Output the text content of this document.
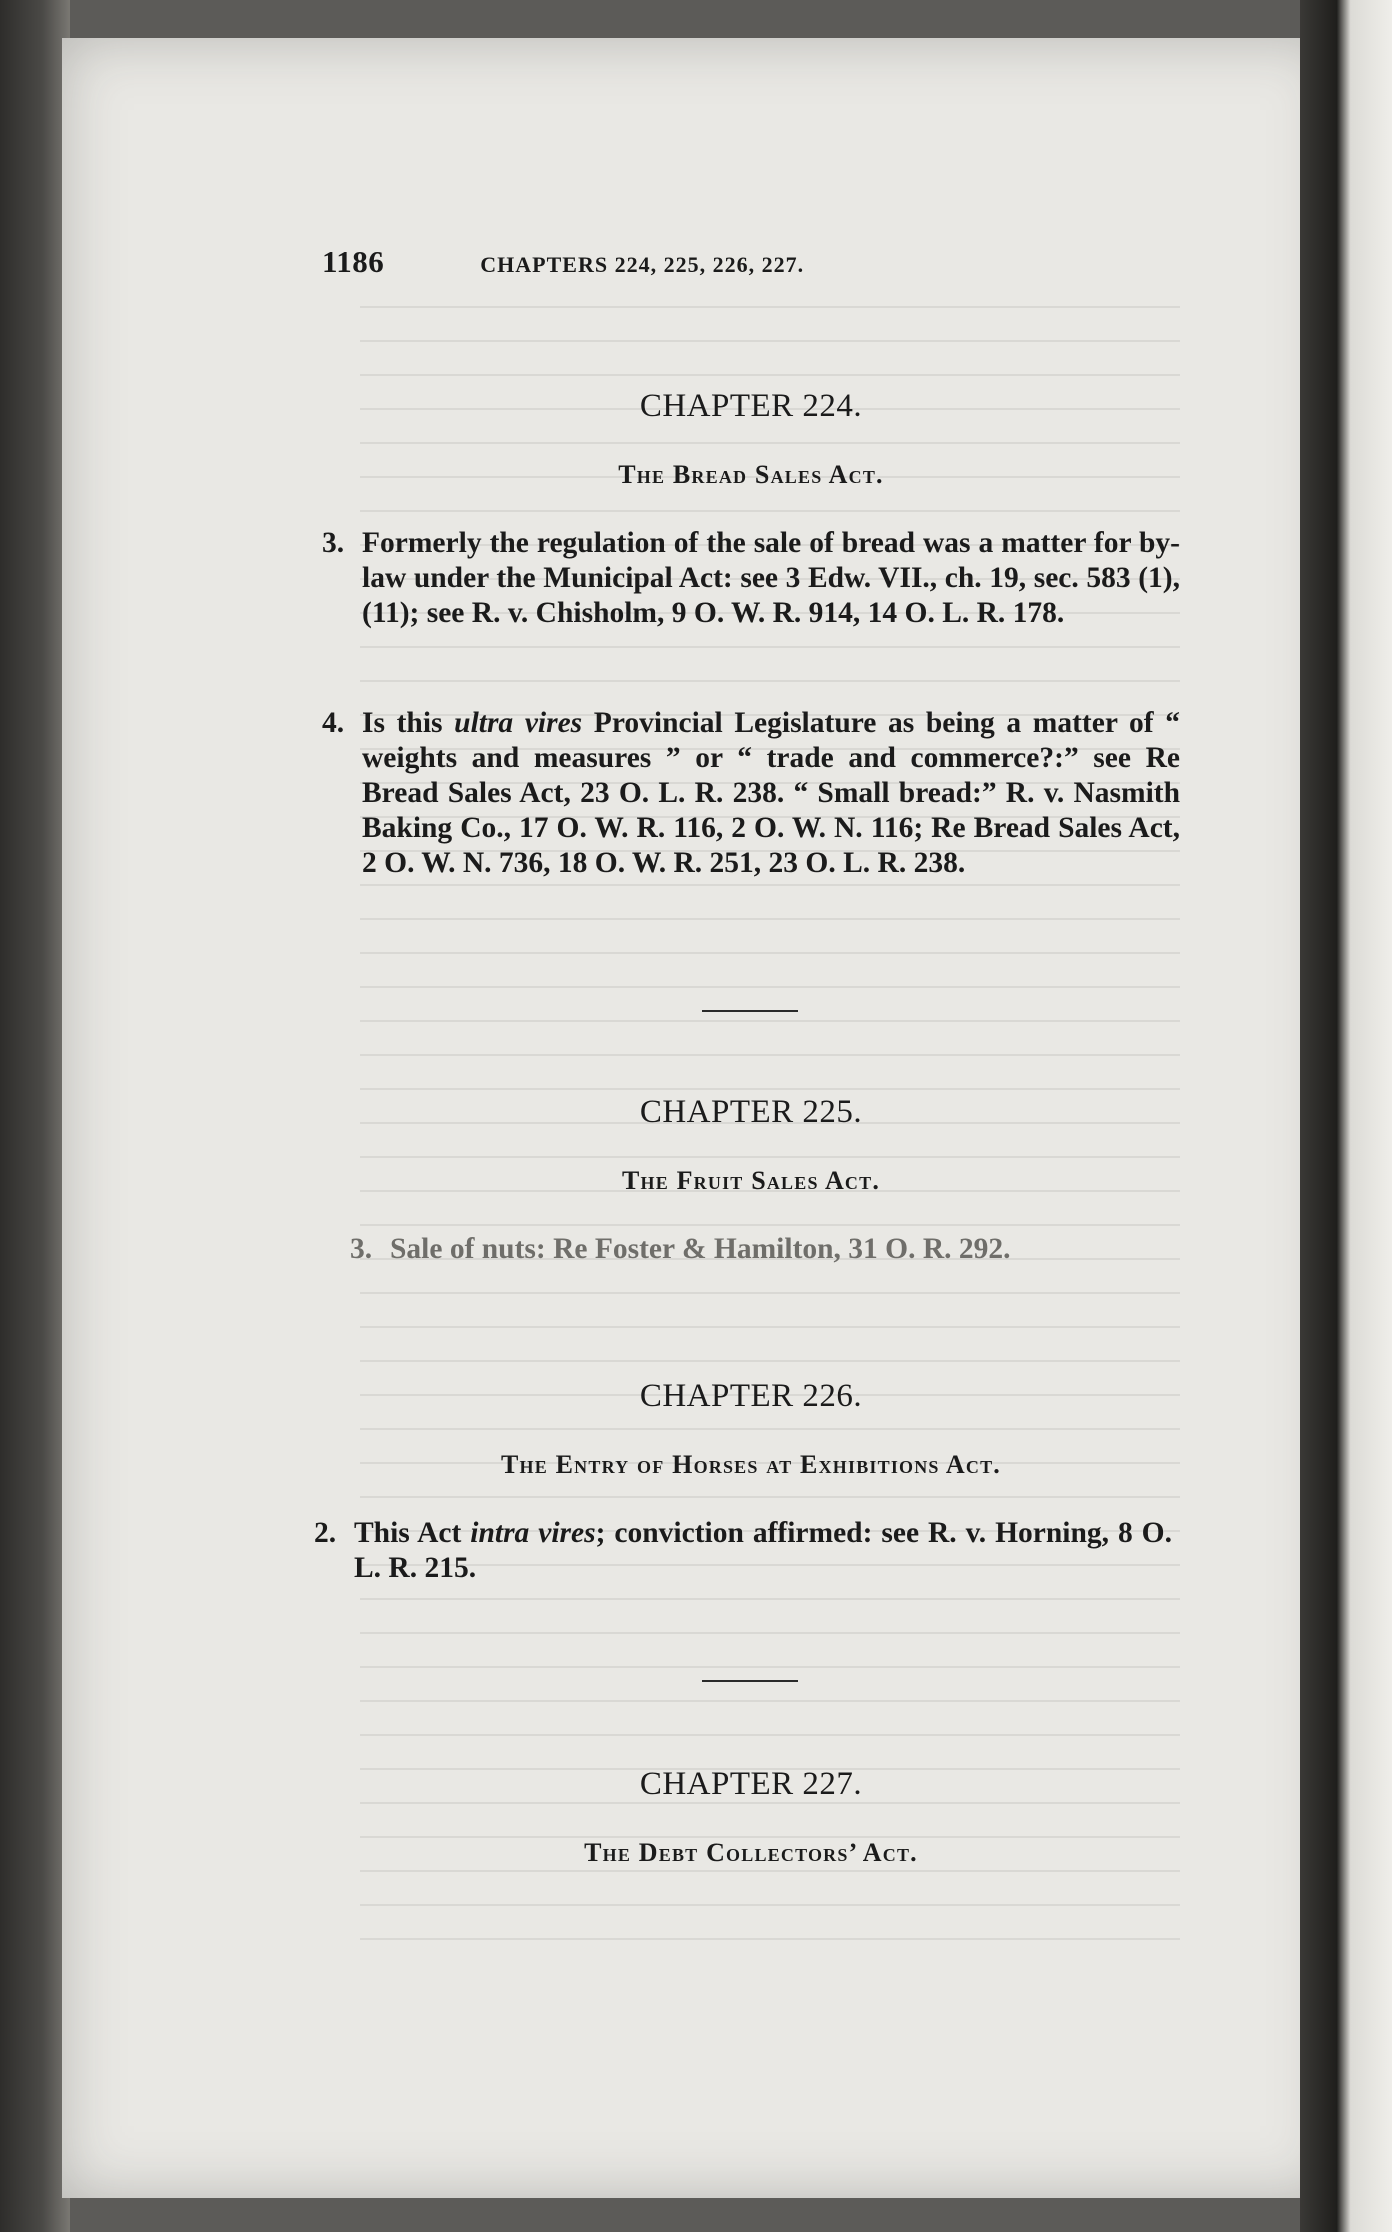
1186	CHAPTERS 224, 225, 226, 227.
CHAPTER 224.
The Bread Sales Act.

3. Formerly the regulation of the sale of bread was a matter for by-law under the Municipal Act: see 3 Edw. VII., ch. 19, sec. 583 (1), (11); see R. v. Chisholm, 9 O. W. R. 914, 14 O. L. R. 178.

4. Is this ultra vires Provincial Legislature as being a matter of “ weights and measures ” or “ trade and commerce?:” see Re Bread Sales Act, 23 O. L. R. 238. “ Small bread:” R. v. Nasmith Baking Co., 17 O. W. R. 116, 2 O. W. N. 116; Re Bread Sales Act, 2 O. W. N. 736, 18 O. W. R. 251, 23 O. L. R. 238.

CHAPTER 225.
The Fruit Sales Act.

3. Sale of nuts: Re Foster & Hamilton, 31 O. R. 292.

CHAPTER 226.
The Entry of Horses at Exhibitions Act.

2. This Act intra vires; conviction affirmed: see R. v. Horning, 8 O. L. R. 215.

CHAPTER 227.
The Debt Collectors’ Act.
